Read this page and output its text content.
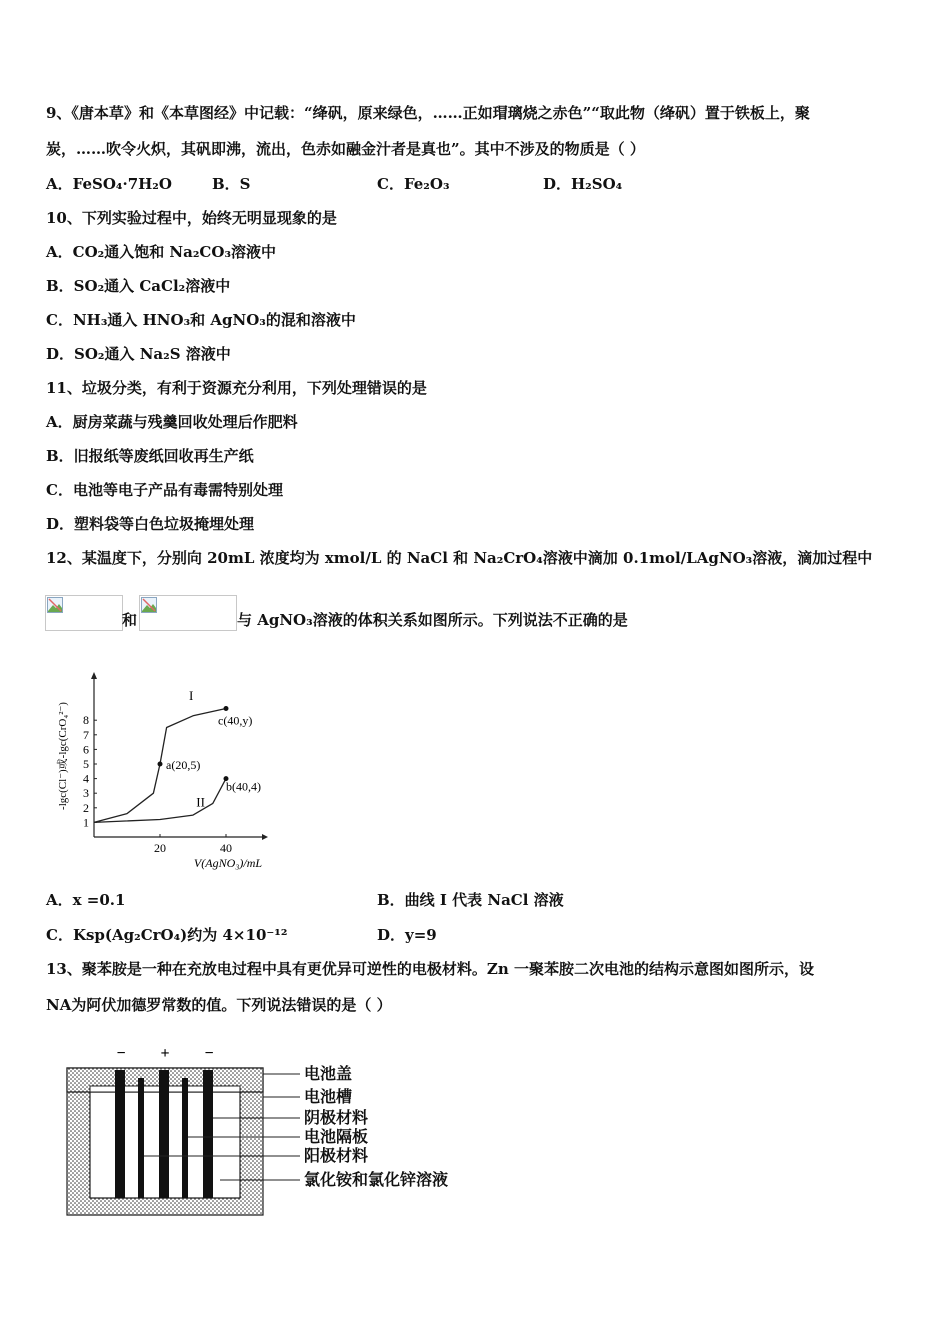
9、《唐本草》和《本草图经》中记载：“绛矾，原来绿色，……正如瑁璃烧之赤色”“取此物（绛矾）置于铁板上，聚
炭，……吹令火炽，其矾即沸，流出，色赤如融金汁者是真也”。其中不涉及的物质是（ ）
A．FeSO₄·7H₂O	B．S	C．Fe₂O₃	D．H₂SO₄
10、下列实验过程中，始终无明显现象的是
A．CO₂通入饱和 Na₂CO₃溶液中
B．SO₂通入 CaCl₂溶液中
C．NH₃通入 HNO₃和 AgNO₃的混和溶液中
D．SO₂通入 Na₂S 溶液中
11、垃圾分类，有利于资源充分利用，下列处理错误的是
A．厨房菜蔬与残羹回收处理后作肥料
B．旧报纸等废纸回收再生产纸
C．电池等电子产品有毒需特别处理
D．塑料袋等白色垃圾掩埋处理
12、某温度下，分别向 20mL 浓度均为 xmol/L 的 NaCl 和 Na₂CrO₄溶液中滴加 0.1mol/LAgNO₃溶液，滴加过程中
和	与 AgNO₃溶液的体积关系如图所示。下列说法不正确的是
1
2
3
4
5
6
7
8
20	40
V(AgNO₃)/mL
-lgc(Cl⁻)或-lgc(CrO₄²⁻)
I
II
a(20,5)
b(40,4)
c(40,y)
A．x =0.1	B．曲线 I 代表 NaCl 溶液
C．Ksp(Ag₂CrO₄)约为 4×10⁻¹²	D．y=9
13、聚苯胺是一种在充放电过程中具有更优异可逆性的电极材料。Zn 一聚苯胺二次电池的结构示意图如图所示，设
NA为阿伏加德罗常数的值。下列说法错误的是（ ）
− + −
电池盖
电池槽
阴极材料
电池隔板
阳极材料
氯化铵和氯化锌溶液
